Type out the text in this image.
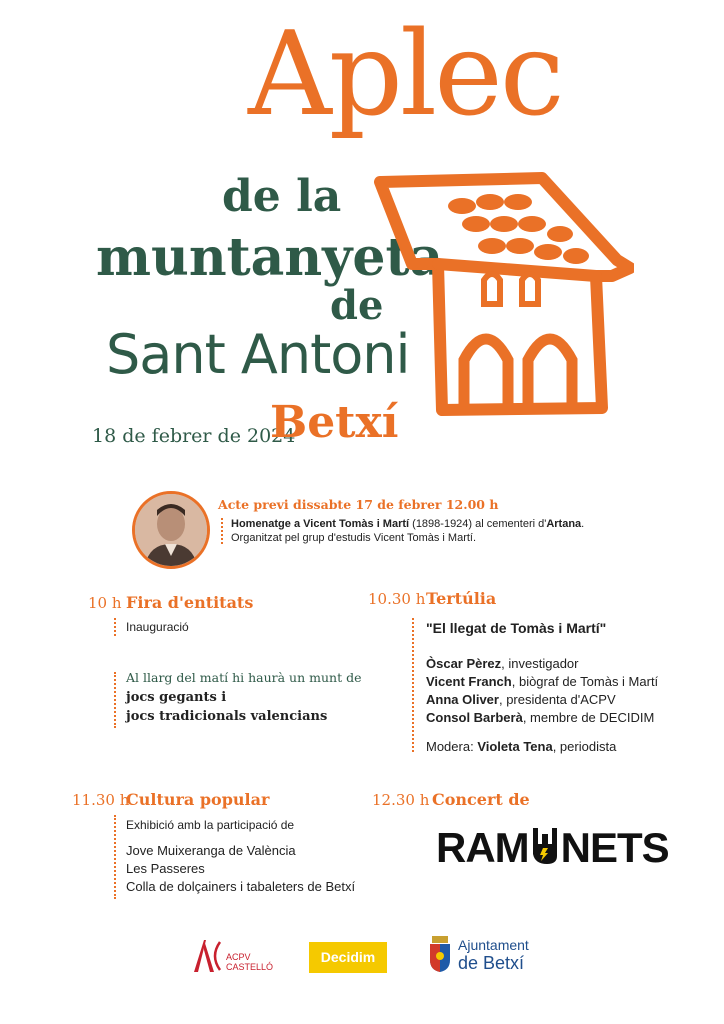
Aplec
de la
muntanyeta
de
Sant Antoni
18 de febrer de 2024
Betxí
Acte previ dissabte 17 de febrer 12.00 h
Homenatge a Vicent Tomàs i Martí (1898-1924) al cementeri d'Artana.
Organitzat pel grup d'estudis Vicent Tomàs i Martí.
10 h Fira d'entitats
Inauguració
Al llarg del matí hi haurà un munt de
jocs gegants i
jocs tradicionals valencians
10.30 h Tertúlia
"El llegat de Tomàs i Martí"
Òscar Pèrez, investigador
Vicent Franch, biògraf de Tomàs i Martí
Anna Oliver, presidenta d'ACPV
Consol Barberà, membre de DECIDIM
Modera: Violeta Tena, periodista
11.30 h
Cultura popular
Exhibició amb la participació de
Jove Muixeranga de València
Les Passeres
Colla de dolçainers i tabaleters de Betxí
12.30 h Concert de
RAM NETS
ACPV
CASTELLÓ
Decidim
Ajuntament
de Betxí
